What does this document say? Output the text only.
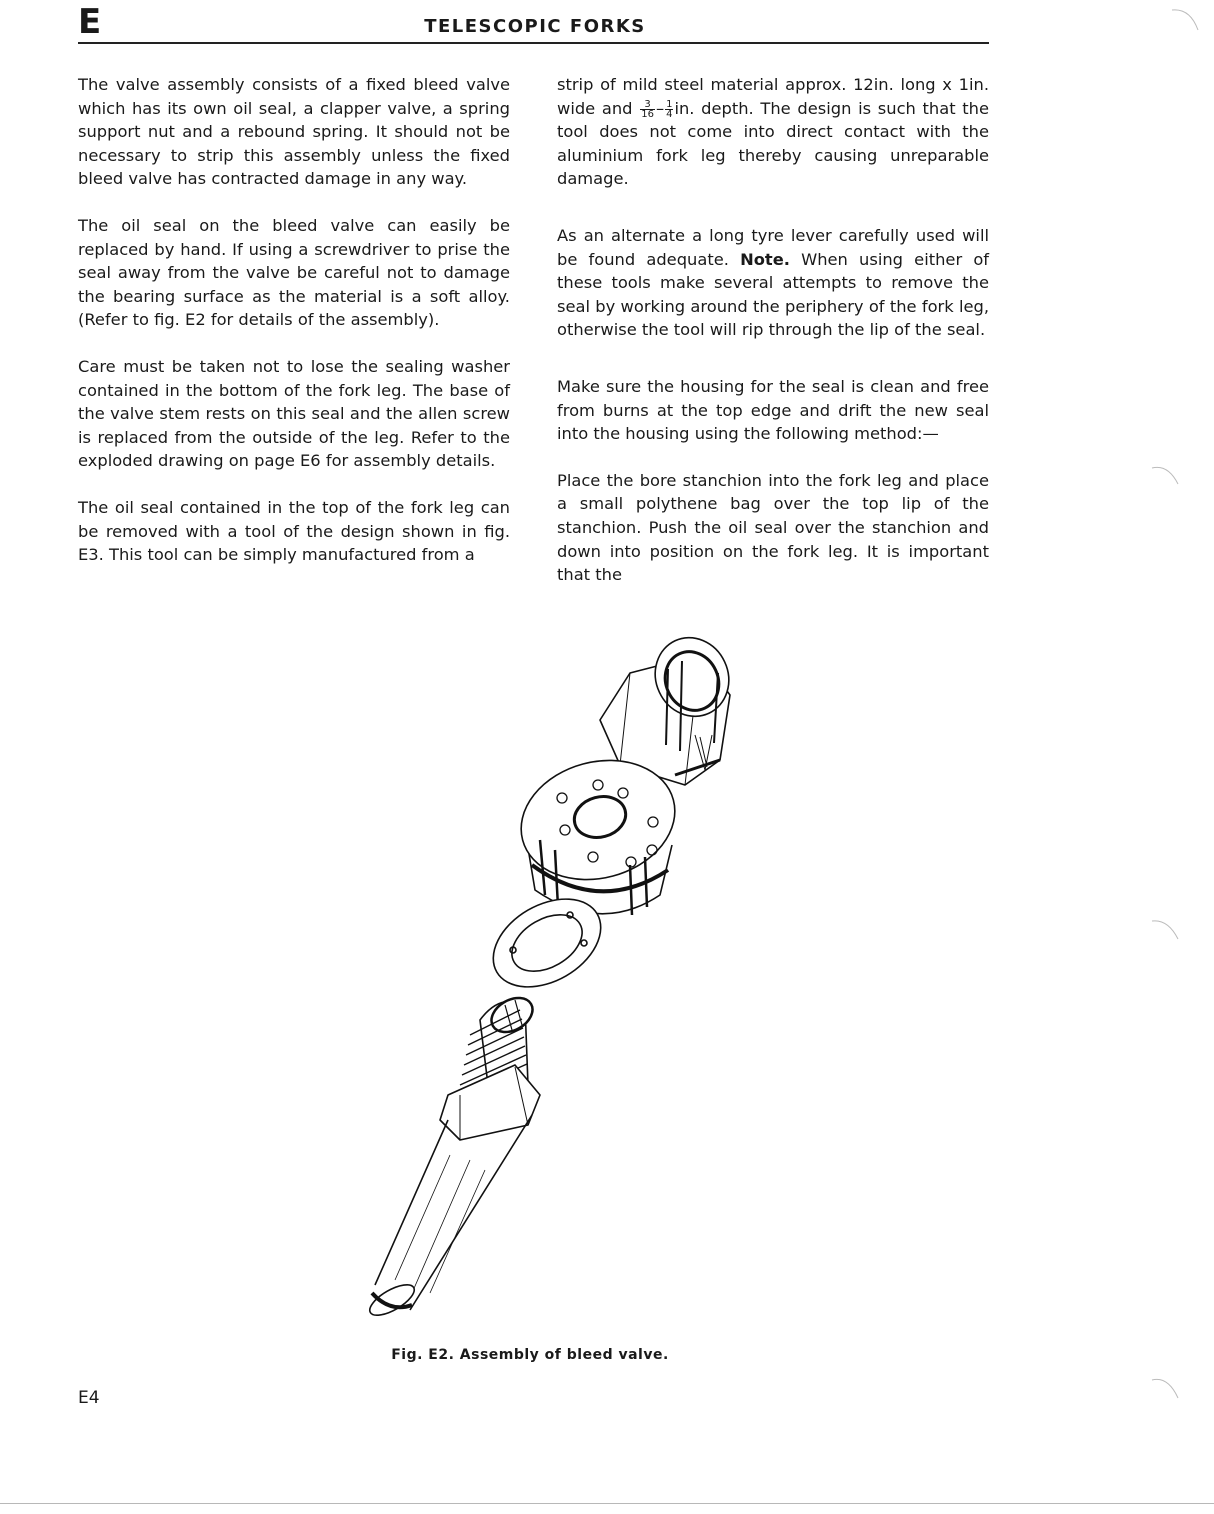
E	TELESCOPIC FORKS

The valve assembly consists of a fixed bleed valve which has its own oil seal, a clapper valve, a spring support nut and a rebound spring. It should not be necessary to strip this assembly unless the fixed bleed valve has contracted damage in any way.

The oil seal on the bleed valve can easily be replaced by hand. If using a screwdriver to prise the seal away from the valve be careful not to damage the bearing surface as the material is a soft alloy. (Refer to fig. E2 for details of the assembly).

Care must be taken not to lose the sealing washer contained in the bottom of the fork leg. The base of the valve stem rests on this seal and the allen screw is replaced from the outside of the leg. Refer to the exploded drawing on page E6 for assembly details.

The oil seal contained in the top of the fork leg can be removed with a tool of the design shown in fig. E3. This tool can be simply manufactured from a

strip of mild steel material approx. 12in. long x 1in. wide and $\frac{3}{16} - \frac{1}{4}$ in. depth. The design is such that the tool does not come into direct contact with the aluminium fork leg thereby causing unreparable damage.

As an alternate a long tyre lever carefully used will be found adequate. Note. When using either of these tools make several attempts to remove the seal by working around the periphery of the fork leg, otherwise the tool will rip through the lip of the seal.

Make sure the housing for the seal is clean and free from burns at the top edge and drift the new seal into the housing using the following method:—

Place the bore stanchion into the fork leg and place a small polythene bag over the top lip of the stanchion. Push the oil seal over the stanchion and down into position on the fork leg. It is important that the

Fig. E2. Assembly of bleed valve.
E4
